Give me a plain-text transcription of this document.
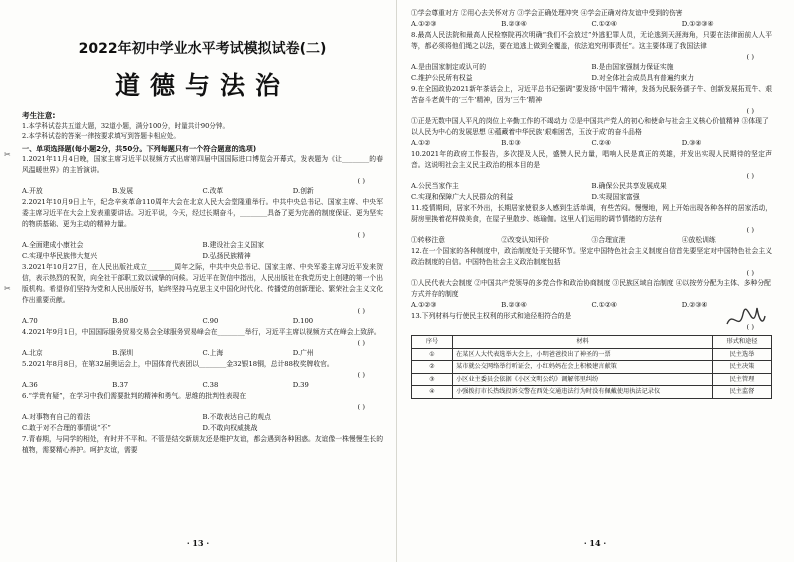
✂
✂
2022年初中学业水平考试模拟试卷(二)
道德与法治
考生注意:
1.本学科试卷共五道大题，32道小题，满分100分，时量共计90分钟。
2.本学科试卷的答案一律按要求填写到答题卡相应处。
一、单项选择题(每小题2分，共50分。下列每题只有一个符合题意的选项)
1.2021年11月4日晚，国家主席习近平以视频方式出席第四届中国国际进口博览会开幕式，发表题为《让________的春风温暖世界》的主旨演讲。
( )
A.开放	B.发展	C.改革	D.创新
2.2021年10月9日上午，纪念辛亥革命110周年大会在北京人民大会堂隆重举行。中共中央总书记、国家主席、中央军委主席习近平在大会上发表重要讲话。习近平说，今天，经过长期奋斗，________具备了更为完善的制度保证、更为坚实的物质基础、更为主动的精神力量。
( )
A.全面建成小康社会	B.建设社会主义国家
C.实现中华民族伟大复兴	D.弘扬民族精神
3.2021年10月27日，在人民出版社成立________周年之际，中共中央总书记、国家主席、中央军委主席习近平发来贺信，表示热烈的祝贺，向全社干部职工致以诚挚的问候。习近平在贺信中指出，人民出版社在我党历史上创建的第一个出版机构。希望你们坚持为党和人民出版好书，始终坚持马克思主义中国化时代化、传播党的创新理论、繁荣社会主义文化作出重要贡献。
( )
A.70	B.80	C.90	D.100
4.2021年9月1日，中国国际服务贸易交易会全球服务贸易峰会在________举行，习近平主席以视频方式在峰会上致辞。
( )
A.北京	B.深圳	C.上海	D.广州
5.2021年8月8日，在第32届奥运会上，中国体育代表团以________金32银18铜，总计88枚奖牌收官。
( )
A.36	B.37	C.38	D.39
6.“学贵有疑”，在学习中我们需要批判的精神和勇气。思维的批判性表现在
( )
A.对事物有自己的看法	B.不敢表达自己的观点
C.敢于对不合理的事情说“不”	D.不敢向权威挑战
7.青春期，与同学的相处，有时并不平和。不管是结交新朋友还是维护友谊，都会遇到各种困惑。友谊像一株慢慢生长的植物，需要精心养护。呵护友谊，需要
· 13 ·
①学会尊重对方 ②用心去关怀对方 ③学会正确处理冲突 ④学会正确对待友谊中受到的伤害
A.①②③	B.②③④	C.①②④	D.①②③④
8.最高人民法院和最高人民检察院再次明确“我们不会放过”外逃犯罪人员，无论逃到天涯海角，只要在法律面前人人平等，都必须将他们绳之以法，要在追逃上做到全覆盖，依法追究刑事责任”。这主要体现了我国法律
( )
A.是由国家制定或认可的	B.是由国家强制力保证实施
C.维护公民所有权益	D.对全体社会成员具有普遍约束力
9.在全国政协2021新年茶话会上，习近平总书记强调“要发扬‘中国牛’精神，发扬为民服务孺子牛、创新发展拓荒牛、艰苦奋斗老黄牛的‘三牛’精神，因为‘三牛’精神
( )
①正是无数中国人平凡的岗位上辛勤工作的不竭动力 ②是中国共产党人的初心和使命与社会主义核心价值精神 ③体现了以人民为中心的发展思想 ④蕴藏着中华民族‘艰难困苦，玉汝于成’的奋斗品格
A.①②	B.①③	C.②④	D.③④
10.2021年的政府工作报告，多次提及人民，盛赞人民力量，唱响人民是真正的英雄，并发出实现人民期待的坚定声音。这说明社会主义民主政治的根本目的是
( )
A.公民当家作主	B.确保公民共享发展成果
C.实现和保障广大人民群众的利益	D.实现国家富强
11.疫情期间，居家不外出，长期居家使很多人感到生活单调，有些苦闷。慢慢地，网上开始出现各种各样的居家活动，厨房里换着花样做美食，在屋子里散步、练瑜伽。这里人们运用的调节情绪的方法有
( )
①转移注意	②改变认知评价	③合理宣泄	④放松训练
12.在一个国家的各种制度中，政治制度处于关键环节。坚定中国特色社会主义制度自信首先要坚定对中国特色社会主义政治制度的自信。中国特色社会主义政治制度包括
( )
①人民代表大会制度 ②中国共产党领导的多党合作和政治协商制度 ③民族区域自治制度 ④以按劳分配为主体、多种分配方式并存的制度
A.①②③	B.②③④	C.①②④	D.②③④
13.下列材料与行使民主权利的形式和途径相符合的是
( )
序号	材料	形式和途径
①	在某区人大代表选举大会上，小明爸爸投出了神圣的一票	民主选举
②	某市就公交网络举行听证会，小红妈妈在会上积极建言献策	民主决策
③	小区业主委员会依据《小区文明公约》调解邻里纠纷	民主管理
④	小强拨打市长热线投诉交警在西处交通违法行为时没有佩戴使用执法记录仪	民主监督
· 14 ·
